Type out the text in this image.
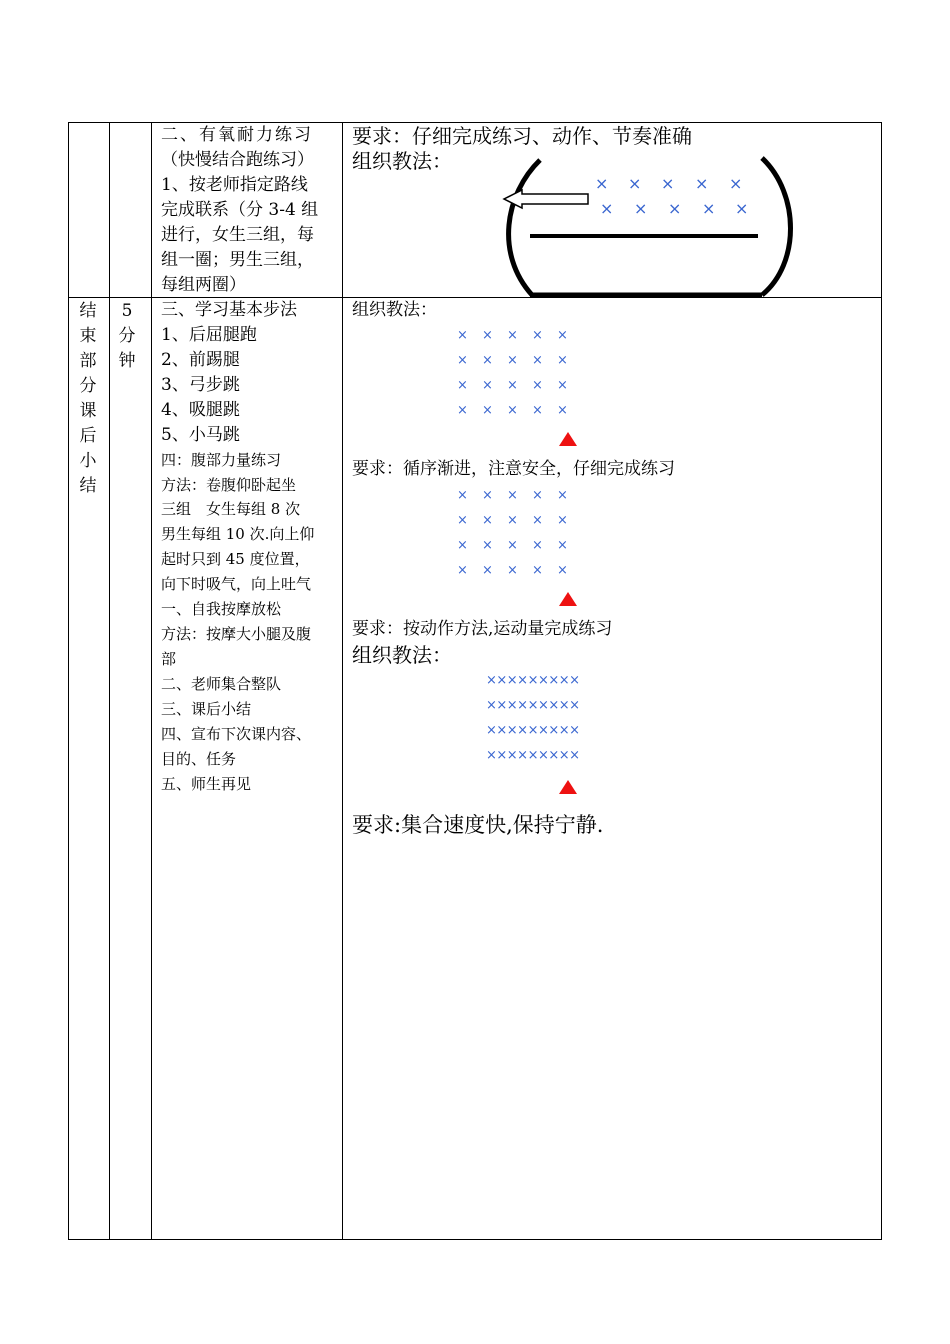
二、有氧耐力练习
（快慢结合跑练习）
1、按老师指定路线
完成联系（分 3-4 组
进行，女生三组，每
组一圈；男生三组，
每组两圈）
要求：仔细完成练习、动作、节奏准确
组织教法：
× × × × ×
× × × × ×
要求：下楼梯慢跑，上楼梯与平路快跑，注意安全。
结
束
部
分
课
后
小
结
5
分
钟
三、学习基本步法
1、后屈腿跑
2、前踢腿
3、弓步跳
4、吸腿跳
5、小马跳
四：腹部力量练习
方法：卷腹仰卧起坐
三组　女生每组 8 次
男生每组 10 次.向上仰
起时只到 45 度位置，
向下时吸气，向上吐气
一、自我按摩放松
方法：按摩大小腿及腹
部
二、老师集合整队
三、课后小结
四、宣布下次课内容、
目的、任务
五、师生再见
组织教法：
× × × × ×
× × × × ×
× × × × ×
× × × × ×
要求：循序渐进，注意安全，仔细完成练习
× × × × ×
× × × × ×
× × × × ×
× × × × ×
要求：按动作方法,运动量完成练习
组织教法：
×××××××××
×××××××××
×××××××××
×××××××××
要求:集合速度快,保持宁静.
